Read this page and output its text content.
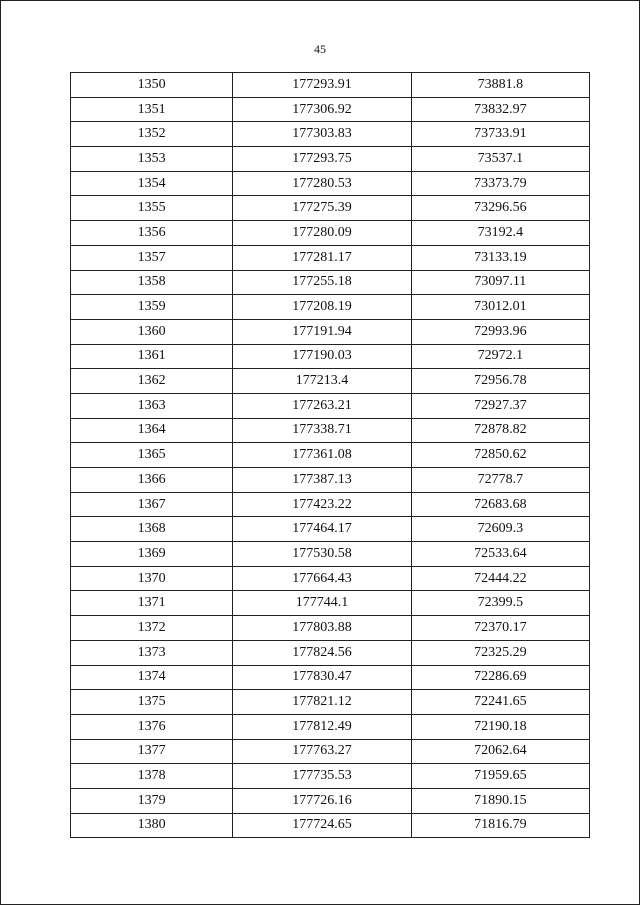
45
1350	177293.91	73881.8
1351	177306.92	73832.97
1352	177303.83	73733.91
1353	177293.75	73537.1
1354	177280.53	73373.79
1355	177275.39	73296.56
1356	177280.09	73192.4
1357	177281.17	73133.19
1358	177255.18	73097.11
1359	177208.19	73012.01
1360	177191.94	72993.96
1361	177190.03	72972.1
1362	177213.4	72956.78
1363	177263.21	72927.37
1364	177338.71	72878.82
1365	177361.08	72850.62
1366	177387.13	72778.7
1367	177423.22	72683.68
1368	177464.17	72609.3
1369	177530.58	72533.64
1370	177664.43	72444.22
1371	177744.1	72399.5
1372	177803.88	72370.17
1373	177824.56	72325.29
1374	177830.47	72286.69
1375	177821.12	72241.65
1376	177812.49	72190.18
1377	177763.27	72062.64
1378	177735.53	71959.65
1379	177726.16	71890.15
1380	177724.65	71816.79
